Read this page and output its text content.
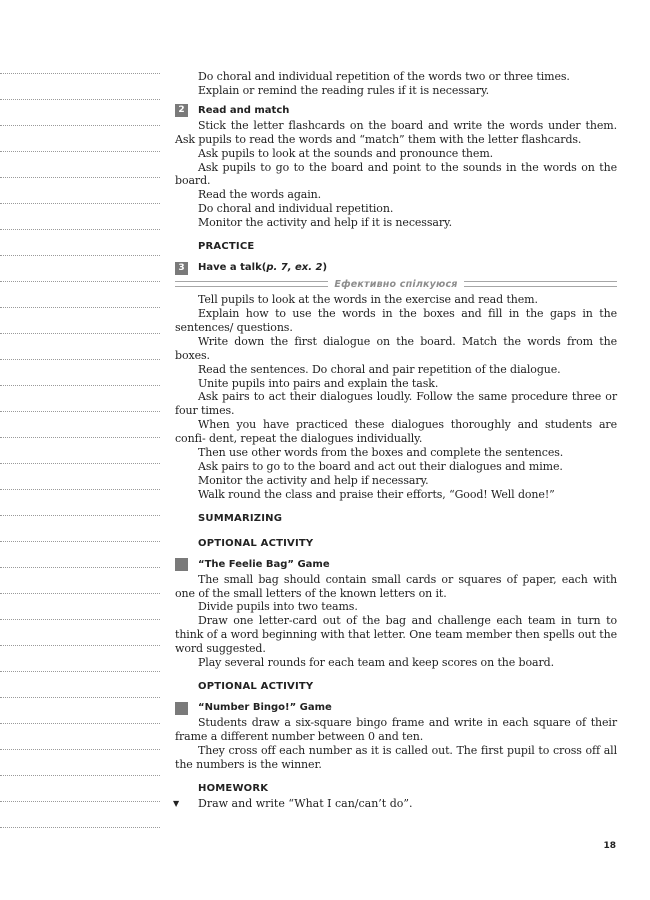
Do choral and individual repetition of the words two or three times.

Explain or remind the reading rules if it is necessary.

2	Read and match

Stick the letter flashcards on the board and write the words under them. Ask pupils to read the words and “match” them with the letter flashcards.

Ask pupils to look at the sounds and pronounce them.

Ask pupils to go to the board and point to the sounds in the words on the board.

Read the words again.

Do choral and individual repetition.

Monitor the activity and help if it is necessary.

PRACTICE

3	Have a talk ( p. 7, ex. 2 )
Ефективно спілкуюся

Tell pupils to look at the words in the exercise and read them.

Explain how to use the words in the boxes and fill in the gaps in the sentences/ questions.

Write down the first dialogue on the board. Match the words from the boxes.

Read the sentences. Do choral and pair repetition of the dialogue.

Unite pupils into pairs and explain the task.

Ask pairs to act their dialogues loudly. Follow the same procedure three or four times.

When you have practiced these dialogues thoroughly and students are confi- dent, repeat the dialogues individually.

Then use other words from the boxes and complete the sentences.

Ask pairs to go to the board and act out their dialogues and mime.

Monitor the activity and help if necessary.

Walk round the class and praise their efforts, “Good! Well done!”

SUMMARIZING

OPTIONAL ACTIVITY

“The Feelie Bag” Game

The small bag should contain small cards or squares of paper, each with one of the small letters of the known letters on it.

Divide pupils into two teams.

Draw one letter-card out of the bag and challenge each team in turn to think of a word beginning with that letter. One team member then spells out the word suggested.

Play several rounds for each team and keep scores on the board.

OPTIONAL ACTIVITY

“Number Bingo!” Game

Students draw a six-square bingo frame and write in each square of their frame a different number between 0 and ten.

They cross off each number as it is called out. The first pupil to cross off all the numbers is the winner.

HOMEWORK

▼	Draw and write “What I can/can’t do”.
18
